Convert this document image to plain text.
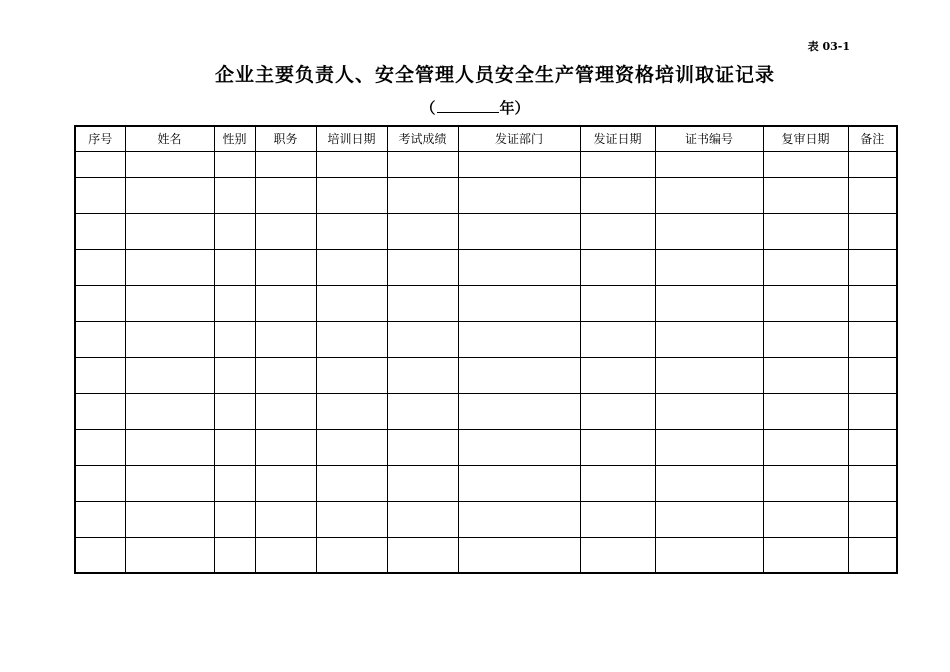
表 03-1
企业主要负责人、安全管理人员安全生产管理资格培训取证记录
（	年）
序号	姓名	性别	职务	培训日期	考试成绩	发证部门	发证日期	证书编号	复审日期	备注
